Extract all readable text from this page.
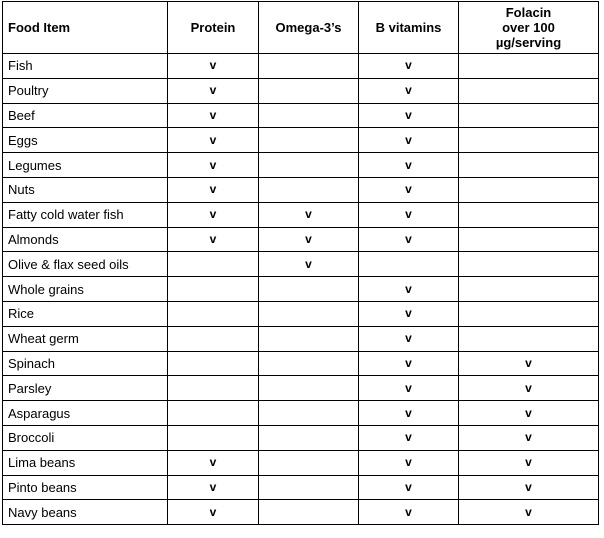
Food Item	Protein	Omega-3’s	B vitamins	Folacin
over 100
µg/serving
Fish	v		v	
Poultry	v		v	
Beef	v		v	
Eggs	v		v	
Legumes	v		v	
Nuts	v		v	
Fatty cold water fish	v	v	v	
Almonds	v	v	v	
Olive & flax seed oils		v		
Whole grains			v	
Rice			v	
Wheat germ			v	
Spinach			v	v
Parsley			v	v
Asparagus			v	v
Broccoli			v	v
Lima beans	v		v	v
Pinto beans	v		v	v
Navy beans	v		v	v
